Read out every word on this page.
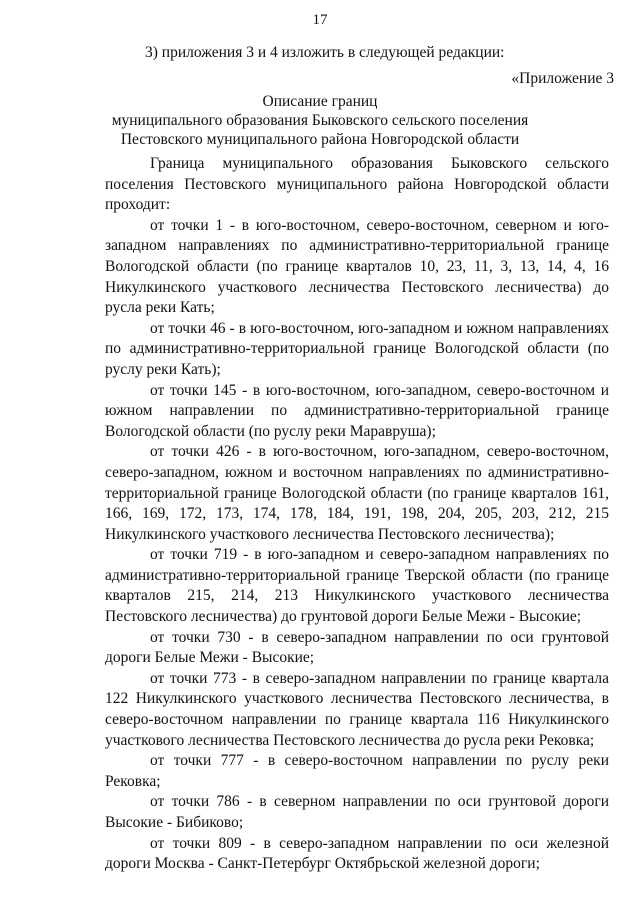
17
3) приложения 3 и 4 изложить в следующей редакции:
«Приложение 3
Описание границ
муниципального образования Быковского сельского поселения
Пестовского муниципального района Новгородской области

Граница муниципального образования Быковского сельского поселения Пестовского муниципального района Новгородской области проходит:

от точки 1 - в юго-восточном, северо-восточном, северном и юго-западном направлениях по административно-территориальной границе Вологодской области (по границе кварталов 10, 23, 11, 3, 13, 14, 4, 16 Никулкинского участкового лесничества Пестовского лесничества) до русла реки Кать;

от точки 46 - в юго-восточном, юго-западном и южном направлениях по административно-территориальной границе Вологодской области (по руслу реки Кать);

от точки 145 - в юго-восточном, юго-западном, северо-восточном и южном направлении по административно-территориальной границе Вологодской области (по руслу реки Мараврушa);

от точки 426 - в юго-восточном, юго-западном, северо-восточном, северо-западном, южном и восточном направлениях по административно-территориальной границе Вологодской области (по границе кварталов 161, 166, 169, 172, 173, 174, 178, 184, 191, 198, 204, 205, 203, 212, 215 Никулкинского участкового лесничества Пестовского лесничества);

от точки 719 - в юго-западном и северо-западном направлениях по административно-территориальной границе Тверской области (по границе кварталов 215, 214, 213 Никулкинского участкового лесничества Пестовского лесничества) до грунтовой дороги Белые Межи - Высокие;

от точки 730 - в северо-западном направлении по оси грунтовой дороги Белые Межи - Высокие;

от точки 773 - в северо-западном направлении по границе квартала 122 Никулкинского участкового лесничества Пестовского лесничества, в северо-восточном направлении по границе квартала 116 Никулкинского участкового лесничества Пестовского лесничества до русла реки Рековка;

от точки 777 - в северо-восточном направлении по руслу реки Рековка;

от точки 786 - в северном направлении по оси грунтовой дороги Высокие - Бибиково;

от точки 809 - в северо-западном направлении по оси железной дороги Москва - Санкт-Петербург Октябрьской железной дороги;
